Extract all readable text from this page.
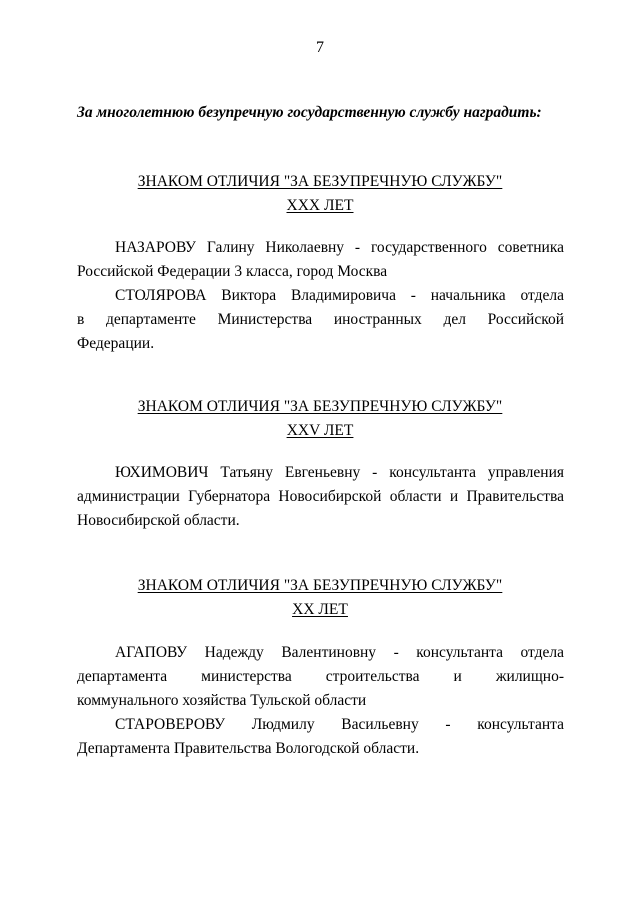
7
За многолетнюю безупречную государственную службу наградить:
ЗНАКОМ ОТЛИЧИЯ "ЗА БЕЗУПРЕЧНУЮ СЛУЖБУ"
XXX ЛЕТ

НАЗАРОВУ Галину Николаевну - государственного советника
Российской Федерации 3 класса, город Москва

СТОЛЯРОВА Виктора Владимировича - начальника отдела
в департаменте Министерства иностранных дел Российской
Федерации.

ЗНАКОМ ОТЛИЧИЯ "ЗА БЕЗУПРЕЧНУЮ СЛУЖБУ"
XXV ЛЕТ

ЮХИМОВИЧ Татьяну Евгеньевну - консультанта управления
администрации Губернатора Новосибирской области и Правительства
Новосибирской области.

ЗНАКОМ ОТЛИЧИЯ "ЗА БЕЗУПРЕЧНУЮ СЛУЖБУ"
XX ЛЕТ

АГАПОВУ Надежду Валентиновну - консультанта отдела
департамента министерства строительства и жилищно-
коммунального хозяйства Тульской области

СТАРОВЕРОВУ Людмилу Васильевну - консультанта
Департамента Правительства Вологодской области.
